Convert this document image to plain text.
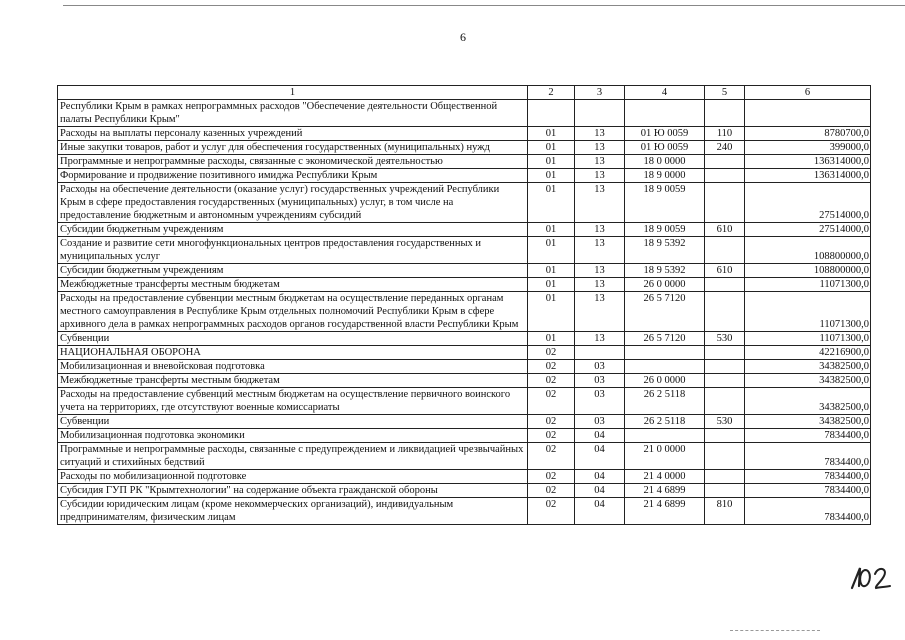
6
1	2	3	4	5	6
Республики Крым в рамках непрограммных расходов "Обеспечение деятельности Общественной палаты Республики Крым"					
Расходы на выплаты персоналу казенных учреждений	01	13	01 Ю 0059	110	8780700,0
Иные закупки товаров, работ и услуг для обеспечения государственных (муниципальных) нужд	01	13	01 Ю 0059	240	399000,0
Программные и непрограммные расходы, связанные с экономической деятельностью	01	13	18 0 0000		136314000,0
Формирование и продвижение позитивного имиджа Республики Крым	01	13	18 9 0000		136314000,0
Расходы на обеспечение деятельности (оказание услуг) государственных учреждений Республики Крым в сфере предоставления государственных (муниципальных) услуг, в том числе на предоставление бюджетным и автономным учреждениям субсидий	01	13	18 9 0059		27514000,0
Субсидии бюджетным учреждениям	01	13	18 9 0059	610	27514000,0
Создание и развитие сети многофункциональных центров предоставления государственных и муниципальных услуг	01	13	18 9 5392		108800000,0
Субсидии бюджетным учреждениям	01	13	18 9 5392	610	108800000,0
Межбюджетные трансферты местным бюджетам	01	13	26 0 0000		11071300,0
Расходы на предоставление субвенции местным бюджетам на осуществление переданных органам местного самоуправления в Республике Крым отдельных полномочий Республики Крым в сфере архивного дела в рамках непрограммных расходов органов государственной власти Республики Крым	01	13	26 5 7120		11071300,0
Субвенции	01	13	26 5 7120	530	11071300,0
НАЦИОНАЛЬНАЯ ОБОРОНА	02				42216900,0
Мобилизационная и вневойсковая подготовка	02	03			34382500,0
Межбюджетные трансферты местным бюджетам	02	03	26 0 0000		34382500,0
Расходы на предоставление субвенций местным бюджетам на осуществление первичного воинского учета на территориях, где отсутствуют военные комиссариаты	02	03	26 2 5118		34382500,0
Субвенции	02	03	26 2 5118	530	34382500,0
Мобилизационная подготовка экономики	02	04			7834400,0
Программные и непрограммные расходы, связанные с предупреждением и ликвидацией чрезвычайных ситуаций и стихийных бедствий	02	04	21 0 0000		7834400,0
Расходы по мобилизационной подготовке	02	04	21 4 0000		7834400,0
Субсидия ГУП РК "Крымтехнологии" на содержание объекта гражданской обороны	02	04	21 4 6899		7834400,0
Субсидии юридическим лицам (кроме некоммерческих организаций), индивидуальным предпринимателям, физическим лицам	02	04	21 4 6899	810	7834400,0
